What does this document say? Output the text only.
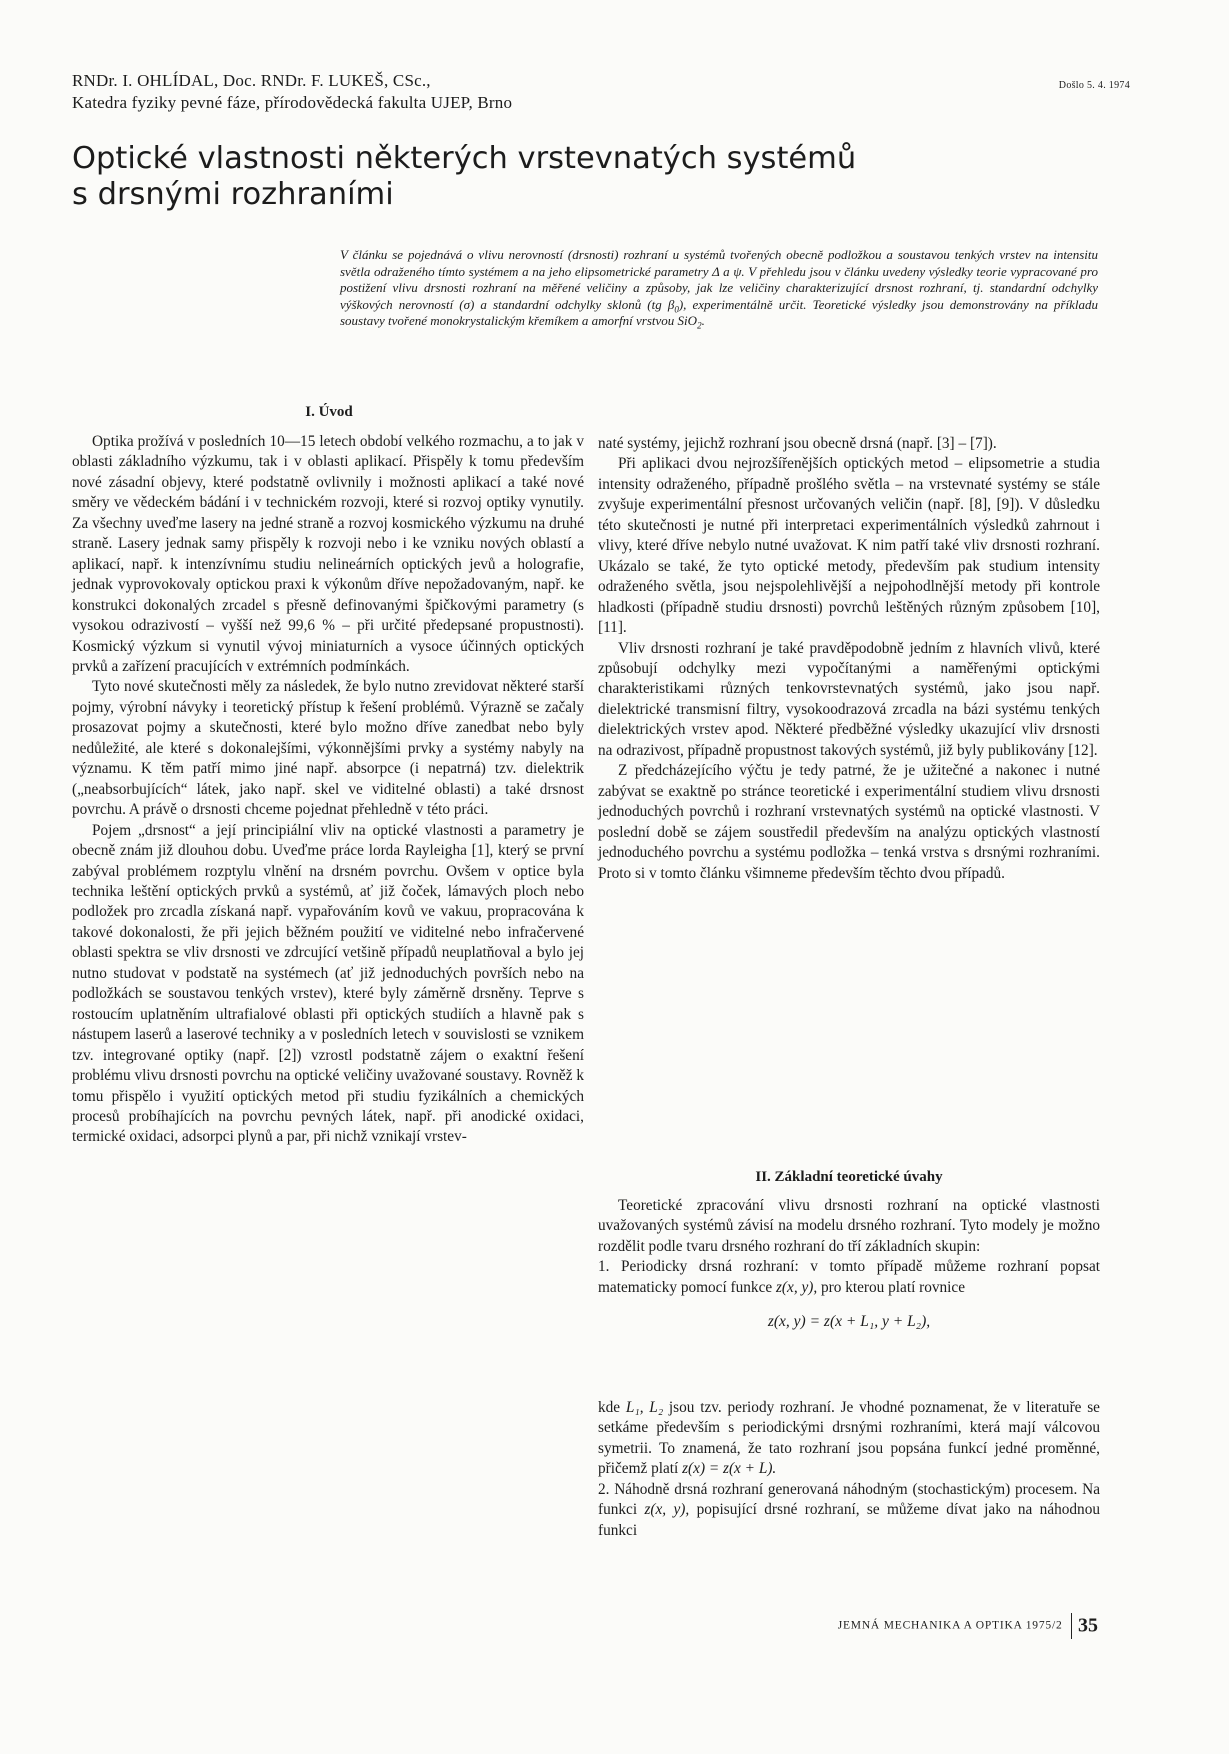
RNDr. I. OHLÍDAL, Doc. RNDr. F. LUKEŠ, CSc.,
Katedra fyziky pevné fáze, přírodovědecká fakulta UJEP, Brno
Došlo 5. 4. 1974
Optické vlastnosti některých vrstevnatých systémů
s drsnými rozhraními

V článku se pojednává o vlivu nerovností (drsnosti) rozhraní u systémů tvořených obecně podložkou a soustavou tenkých vrstev na intensitu světla odraženého tímto systémem a na jeho elipsometrické parametry Δ a ψ. V přehledu jsou v článku uvedeny výsledky teorie vypracované pro postižení vlivu drsnosti rozhraní na měřené veličiny a způsoby, jak lze veličiny charakterizující drsnost rozhraní, tj. standardní odchylky výškových nerovností (σ) a standardní odchylky sklonů (tg $\beta_0$), experimentálně určit. Teoretické výsledky jsou demonstrovány na příkladu soustavy tvořené monokrystalickým křemíkem a amorfní vrstvou SiO$_2$.

I. Úvod

Optika prožívá v posledních 10—15 letech období velkého rozmachu, a to jak v oblasti základního výzkumu, tak i v oblasti aplikací. Přispěly k tomu především nové zásadní objevy, které podstatně ovlivnily i možnosti aplikací a také nové směry ve vědeckém bádání i v technickém rozvoji, které si rozvoj optiky vynutily. Za všechny uveďme lasery na jedné straně a rozvoj kosmického výzkumu na druhé straně. Lasery jednak samy přispěly k rozvoji nebo i ke vzniku nových oblastí a aplikací, např. k intenzívnímu studiu nelineárních optických jevů a holografie, jednak vyprovokovaly optickou praxi k výkonům dříve nepožadovaným, např. ke konstrukci dokonalých zrcadel s přesně definovanými špičkovými parametry (s vysokou odrazivostí – vyšší než 99,6 % – při určité předepsané propustnosti). Kosmický výzkum si vynutil vývoj miniaturních a vysoce účinných optických prvků a zařízení pracujících v extrémních podmínkách.

Tyto nové skutečnosti měly za následek, že bylo nutno zrevidovat některé starší pojmy, výrobní návyky i teoretický přístup k řešení problémů. Výrazně se začaly prosazovat pojmy a skutečnosti, které bylo možno dříve zanedbat nebo byly nedůležité, ale které s dokonalejšími, výkonnějšími prvky a systémy nabyly na významu. K těm patří mimo jiné např. absorpce (i nepatrná) tzv. dielektrik („neabsorbujících“ látek, jako např. skel ve viditelné oblasti) a také drsnost povrchu. A právě o drsnosti chceme pojednat přehledně v této práci.

Pojem „drsnost“ a její principiální vliv na optické vlastnosti a parametry je obecně znám již dlouhou dobu. Uveďme práce lorda Rayleigha [1], který se první zabýval problémem rozptylu vlnění na drsném povrchu. Ovšem v optice byla technika leštění optických prvků a systémů, ať již čoček, lámavých ploch nebo podložek pro zrcadla získaná např. vypařováním kovů ve vakuu, propracována k takové dokonalosti, že při jejich běžném použití ve viditelné nebo infračervené oblasti spektra se vliv drsnosti ve zdrcující vetšině případů neuplatňoval a bylo jej nutno studovat v podstatě na systémech (ať již jednoduchých površích nebo na podložkách se soustavou tenkých vrstev), které byly záměrně drsněny. Teprve s rostoucím uplatněním ultrafialové oblasti při optických studiích a hlavně pak s nástupem laserů a laserové techniky a v posledních letech v souvislosti se vznikem tzv. integrované optiky (např. [2]) vzrostl podstatně zájem o exaktní řešení problému vlivu drsnosti povrchu na optické veličiny uvažované soustavy. Rovněž k tomu přispělo i využití optických metod při studiu fyzikálních a chemických procesů probíhajících na povrchu pevných látek, např. při anodické oxidaci, termické oxidaci, adsorpci plynů a par, při nichž vznikají vrstev-

naté systémy, jejichž rozhraní jsou obecně drsná (např. [3] – [7]).

Při aplikaci dvou nejrozšířenějších optických metod – elipsometrie a studia intensity odraženého, případně prošlého světla – na vrstevnaté systémy se stále zvyšuje experimentální přesnost určovaných veličin (např. [8], [9]). V důsledku této skutečnosti je nutné při interpretaci experimentálních výsledků zahrnout i vlivy, které dříve nebylo nutné uvažovat. K nim patří také vliv drsnosti rozhraní. Ukázalo se také, že tyto optické metody, především pak studium intensity odraženého světla, jsou nejspolehlivější a nejpohodlnější metody při kontrole hladkosti (případně studiu drsnosti) povrchů leštěných různým způsobem [10], [11].

Vliv drsnosti rozhraní je také pravděpodobně jedním z hlavních vlivů, které způsobují odchylky mezi vypočítanými a naměřenými optickými charakteristikami různých tenkovrstevnatých systémů, jako jsou např. dielektrické transmisní filtry, vysokoodrazová zrcadla na bázi systému tenkých dielektrických vrstev apod. Některé předběžné výsledky ukazující vliv drsnosti na odrazivost, případně propustnost takových systémů, již byly publikovány [12].

Z předcházejícího výčtu je tedy patrné, že je užitečné a nakonec i nutné zabývat se exaktně po stránce teoretické i experimentální studiem vlivu drsnosti jednoduchých povrchů i rozhraní vrstevnatých systémů na optické vlastnosti. V poslední době se zájem soustředil především na analýzu optických vlastností jednoduchého povrchu a systému podložka – tenká vrstva s drsnými rozhraními. Proto si v tomto článku všimneme především těchto dvou případů.

II. Základní teoretické úvahy

Teoretické zpracování vlivu drsnosti rozhraní na optické vlastnosti uvažovaných systémů závisí na modelu drsného rozhraní. Tyto modely je možno rozdělit podle tvaru drsného rozhraní do tří základních skupin:

1. Periodicky drsná rozhraní: v tomto případě můžeme rozhraní popsat matematicky pomocí funkce z(x, y), pro kterou platí rovnice

z(x, y) = z(x + L₁, y + L₂),

kde L₁, L₂ jsou tzv. periody rozhraní. Je vhodné poznamenat, že v literatuře se setkáme především s periodickými drsnými rozhraními, která mají válcovou symetrii. To znamená, že tato rozhraní jsou popsána funkcí jedné proměnné, přičemž platí z(x) = z(x + L).

2. Náhodně drsná rozhraní generovaná náhodným (stochastickým) procesem. Na funkci z(x, y), popisující drsné rozhraní, se můžeme dívat jako na náhodnou funkci

JEMNÁ MECHANIKA A OPTIKA 1975/2 35
